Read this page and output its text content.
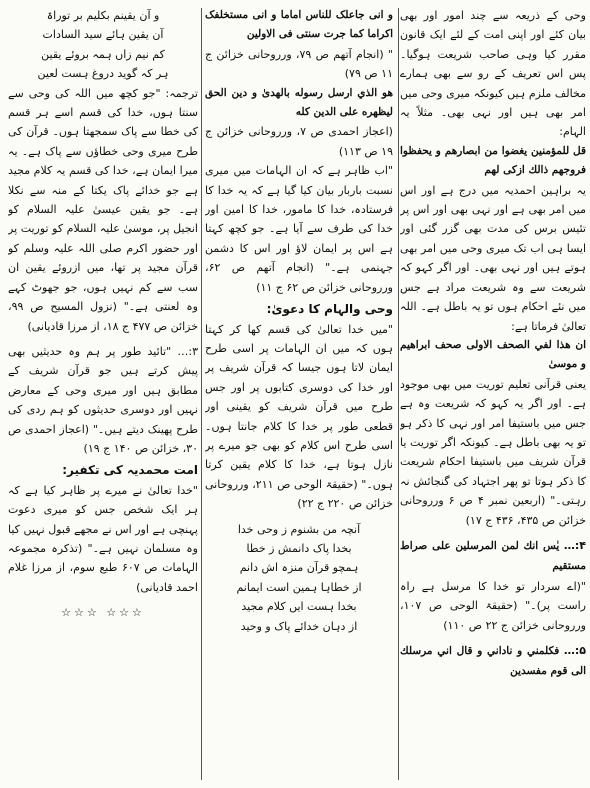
وحی کے ذریعہ سے چند امور اور بھی بیان کئے اور اپنی امت کے لئے ایک قانون مقرر کیا وہی صاحب شریعت ہوگیا۔ پس اس تعریف کے رو سے بھی ہمارے مخالف ملزم ہیں کیونکہ میری وحی میں امر بھی ہیں اور نہی بھی۔ مثلاً یہ الہام:

قل للمؤمنين يغضوا من ابصارهم و يحفظوا فروجهم ذالك ازكى لهم

یہ براہین احمدیہ میں درج ہے اور اس میں امر بھی ہے اور نہی بھی اور اس پر تئیس برس کی مدت بھی گزر گئی اور ایسا ہی اب تک میری وحی میں امر بھی ہوتے ہیں اور نہی بھی۔ اور اگر کہو کہ شریعت سے وہ شریعت مراد ہے جس میں نئے احکام ہوں تو یہ باطل ہے۔ اللہ تعالیٰ فرماتا ہے:

ان هذا لفي الصحف الاولى صحف ابراهيم و موسىٰ

یعنی قرآنی تعلیم توریت میں بھی موجود ہے۔ اور اگر یہ کہو کہ شریعت وہ ہے جس میں باستیفا امر اور نہی کا ذکر ہو تو یہ بھی باطل ہے۔ کیونکہ اگر توریت یا قرآن شریف میں باستیفا احکام شریعت کا ذکر ہوتا تو پھر اجتہاد کی گنجائش نہ رہتی۔" (اربعین نمبر ۴ ص ۶ ورروحانی خزائن ص ۴۳۵، ۴۳۶ ج ۱۷)

۴:… يٰس انك لمن المرسلين على صراط مستقيم

"(اے سردار تو خدا کا مرسل ہے راہ راست پر)۔" (حقیقۃ الوحی ص ۱۰۷، ورروحانی خزائن ج ۲۲ ص ۱۱۰)

۵:… فكلمني و ناداني و قال اني مرسلك الى قوم مفسدين

و انی جاعلک للناس اماما و انی مستخلفک اکراما کما جرت سنتی فی الاولین

" (انجام آتھم ص ۷۹، ورروحانی خزائن ج ۱۱ ص ۷۹)

هو الذي ارسل رسوله بالهدىٰ و دين الحق ليظهره على الدين كله

(اعجاز احمدی ص ۷، ورروحانی خزائن ج ۱۹ ص ۱۱۳)

"اب ظاہر ہے کہ ان الہامات میں میری نسبت باربار بیان کیا گیا ہے کہ یہ خدا کا فرستادہ، خدا کا مامور، خدا کا امین اور خدا کی طرف سے آیا ہے۔ جو کچھ کہتا ہے اس پر ایمان لاؤ اور اس کا دشمن جہنمی ہے۔" (انجام آتھم ص ۶۲، ورروحانی خزائن ص ۶۲ ج ۱۱)

وحی والہام کا دعویٰ:

"میں خدا تعالیٰ کی قسم کھا کر کہتا ہوں کہ میں ان الہامات پر اسی طرح ایمان لاتا ہوں جیسا کہ قرآن شریف پر اور خدا کی دوسری کتابوں پر اور جس طرح میں قرآن شریف کو یقینی اور قطعی طور پر خدا کا کلام جانتا ہوں۔ اسی طرح اس کلام کو بھی جو میرے پر نازل ہوتا ہے، خدا کا کلام یقین کرتا ہوں۔" (حقیقۃ الوحی ص ۲۱۱، ورروحانی خزائن ص ۲۲۰ ج ۲۲)

آنچہ من بشنوم ز وحی خدا

بخدا پاک دانمش ز خطا

ہمچو قرآن منزہ اش دانم

از خطاہا ہمین است ایمانم

بخدا ہست ایں کلام مجید

از دہان خدائے پاک و وحید

و آن یقینم بکلیم بر توراۃ

آن یقین ہائے سید السادات

کم نیم زاں ہمہ بروئے یقین

ہر کہ گوید دروغ ہست لعین

ترجمہ: "جو کچھ میں اللہ کی وحی سے سنتا ہوں، خدا کی قسم اسے ہر قسم کی خطا سے پاک سمجھتا ہوں۔ قرآن کی طرح میری وحی خطاؤں سے پاک ہے۔ یہ میرا ایمان ہے، خدا کی قسم یہ کلام مجید ہے جو خدائے پاک یکتا کے منہ سے نکلا ہے۔ جو یقین عیسیٰ علیہ السلام کو انجیل پر، موسیٰ علیہ السلام کو توریت پر اور حضور اکرم صلی اللہ علیہ وسلم کو قرآن مجید پر تھا، میں ازروئے یقین ان سب سے کم نہیں ہوں، جو جھوٹ کہے وہ لعنتی ہے۔" (نزول المسیح ص ۹۹، خزائن ص ۴۷۷ ج ۱۸، از مرزا قادیانی)

۳:… "تائید طور پر ہم وہ حدیثیں بھی پیش کرتے ہیں جو قرآن شریف کے مطابق ہیں اور میری وحی کے معارض نہیں اور دوسری حدیثوں کو ہم ردی کی طرح پھینک دیتے ہیں۔" (اعجاز احمدی ص ۳۰، خزائن ص ۱۴۰ ج ۱۹)

امت محمدیہ کی تکفیر:

"خدا تعالیٰ نے میرے پر ظاہر کیا ہے کہ ہر ایک شخص جس کو میری دعوت پہنچی ہے اور اس نے مجھے قبول نہیں کیا وہ مسلمان نہیں ہے۔" (تذکرہ مجموعہ الہامات ص ۶۰۷ طبع سوم، از مرزا غلام احمد قادیانی)

☆☆☆ ☆☆☆
